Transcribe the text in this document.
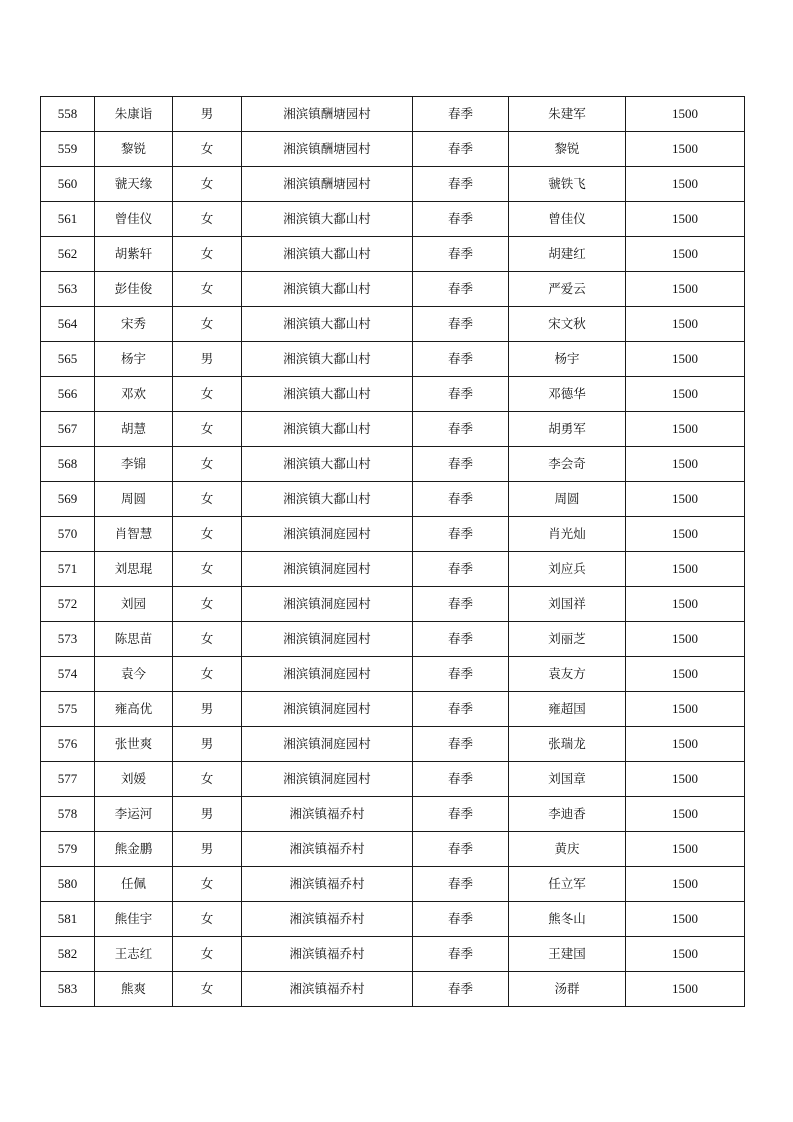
558	朱康诣	男	湘滨镇酬塘园村	春季	朱建军	1500
559	黎锐	女	湘滨镇酬塘园村	春季	黎锐	1500
560	虢天缘	女	湘滨镇酬塘园村	春季	虢铁飞	1500
561	曾佳仪	女	湘滨镇大鄱山村	春季	曾佳仪	1500
562	胡紫轩	女	湘滨镇大鄱山村	春季	胡建红	1500
563	彭佳俊	女	湘滨镇大鄱山村	春季	严爱云	1500
564	宋秀	女	湘滨镇大鄱山村	春季	宋文秋	1500
565	杨宇	男	湘滨镇大鄱山村	春季	杨宇	1500
566	邓欢	女	湘滨镇大鄱山村	春季	邓德华	1500
567	胡慧	女	湘滨镇大鄱山村	春季	胡勇军	1500
568	李锦	女	湘滨镇大鄱山村	春季	李会奇	1500
569	周圆	女	湘滨镇大鄱山村	春季	周圆	1500
570	肖智慧	女	湘滨镇洞庭园村	春季	肖光灿	1500
571	刘思琨	女	湘滨镇洞庭园村	春季	刘应兵	1500
572	刘园	女	湘滨镇洞庭园村	春季	刘国祥	1500
573	陈思苗	女	湘滨镇洞庭园村	春季	刘丽芝	1500
574	袁今	女	湘滨镇洞庭园村	春季	袁友方	1500
575	雍高优	男	湘滨镇洞庭园村	春季	雍超国	1500
576	张世爽	男	湘滨镇洞庭园村	春季	张瑞龙	1500
577	刘媛	女	湘滨镇洞庭园村	春季	刘国章	1500
578	李运河	男	湘滨镇福乔村	春季	李迪香	1500
579	熊金鹏	男	湘滨镇福乔村	春季	黄庆	1500
580	任佩	女	湘滨镇福乔村	春季	任立军	1500
581	熊佳宇	女	湘滨镇福乔村	春季	熊冬山	1500
582	王志红	女	湘滨镇福乔村	春季	王建国	1500
583	熊爽	女	湘滨镇福乔村	春季	汤群	1500
